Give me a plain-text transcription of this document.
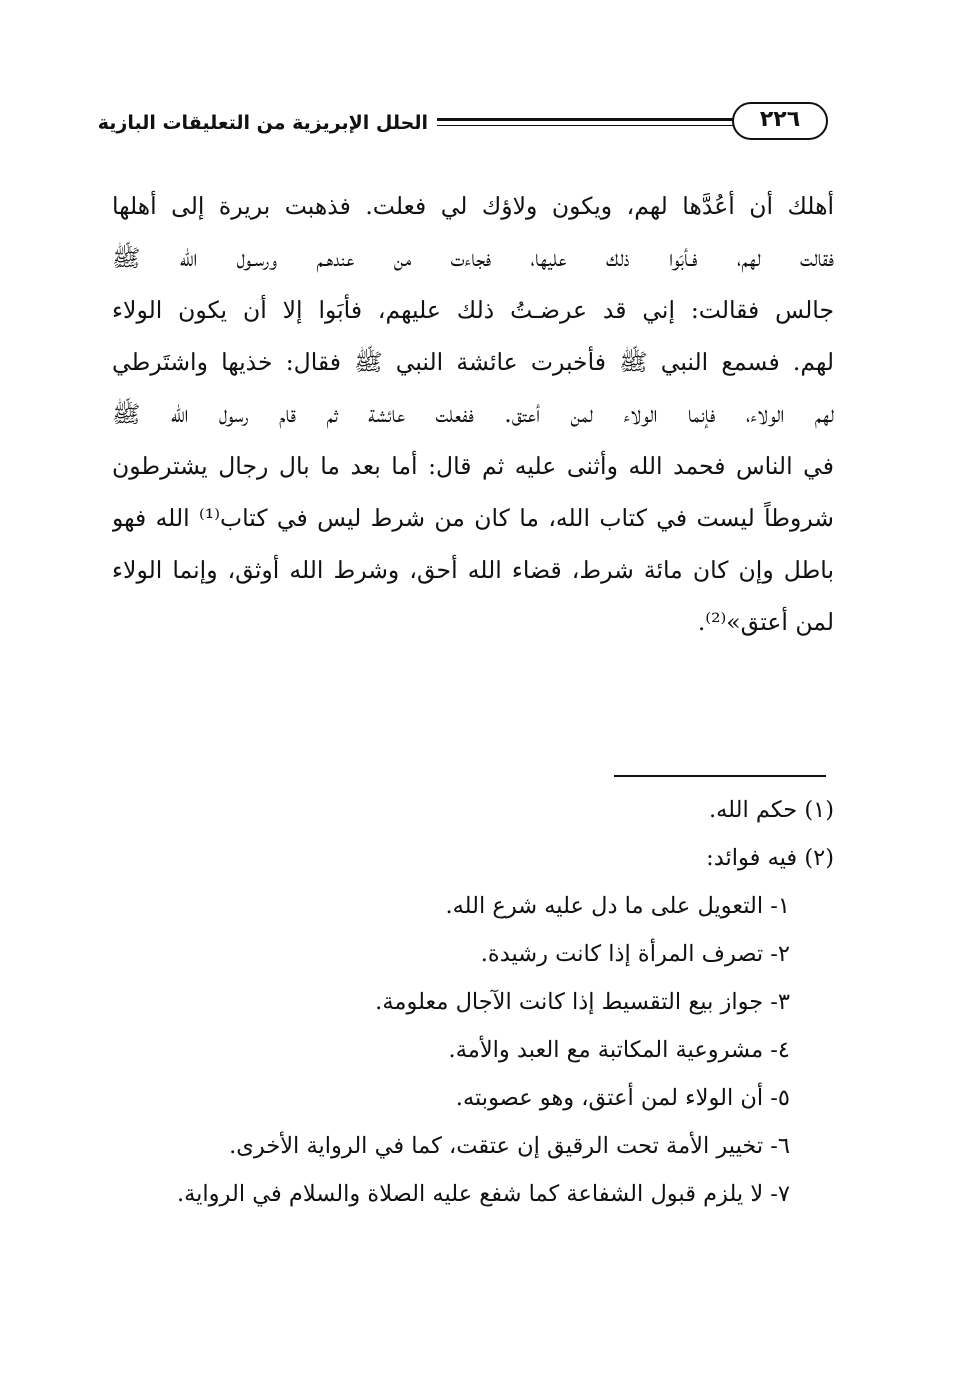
الحلل الإبريزية من التعليقات البازية	٢٢٦
أهلك أن أعُدَّها لهم، ويكون ولاؤك لي فعلت. فذهبت بريرة إلى أهلها
فقالت لهم، فـأبَوا ذلك عليها، فجاءت من عندهـم ورسـول الله ﷺ
جالس فقالت: إني قد عرضـتُ ذلك عليهم، فأبَوا إلا أن يكون الولاء
لهم. فسمع النبي ﷺ فأخبرت عائشة النبي ﷺ فقال: خذيها واشتَرطي
لهم الولاء، فإنما الولاء لمن أعتق. ففعلت عائشة ثم قام رسول الله ﷺ
في الناس فحمد الله وأثنى عليه ثم قال: أما بعد ما بال رجال يشترطون
شروطاً ليست في كتاب الله، ما كان من شرط ليس في كتاب⁽¹⁾ الله فهو
باطل وإن كان مائة شرط، قضاء الله أحق، وشرط الله أوثق، وإنما الولاء
لمن أعتق»⁽²⁾.
(١) حكم الله.
(٢) فيه فوائد:
١- التعويل على ما دل عليه شرع الله.
٢- تصرف المرأة إذا كانت رشيدة.
٣- جواز بيع التقسيط إذا كانت الآجال معلومة.
٤- مشروعية المكاتبة مع العبد والأمة.
٥- أن الولاء لمن أعتق، وهو عصوبته.
٦- تخيير الأمة تحت الرقيق إن عتقت، كما في الرواية الأخرى.
٧- لا يلزم قبول الشفاعة كما شفع عليه الصلاة والسلام في الرواية.
